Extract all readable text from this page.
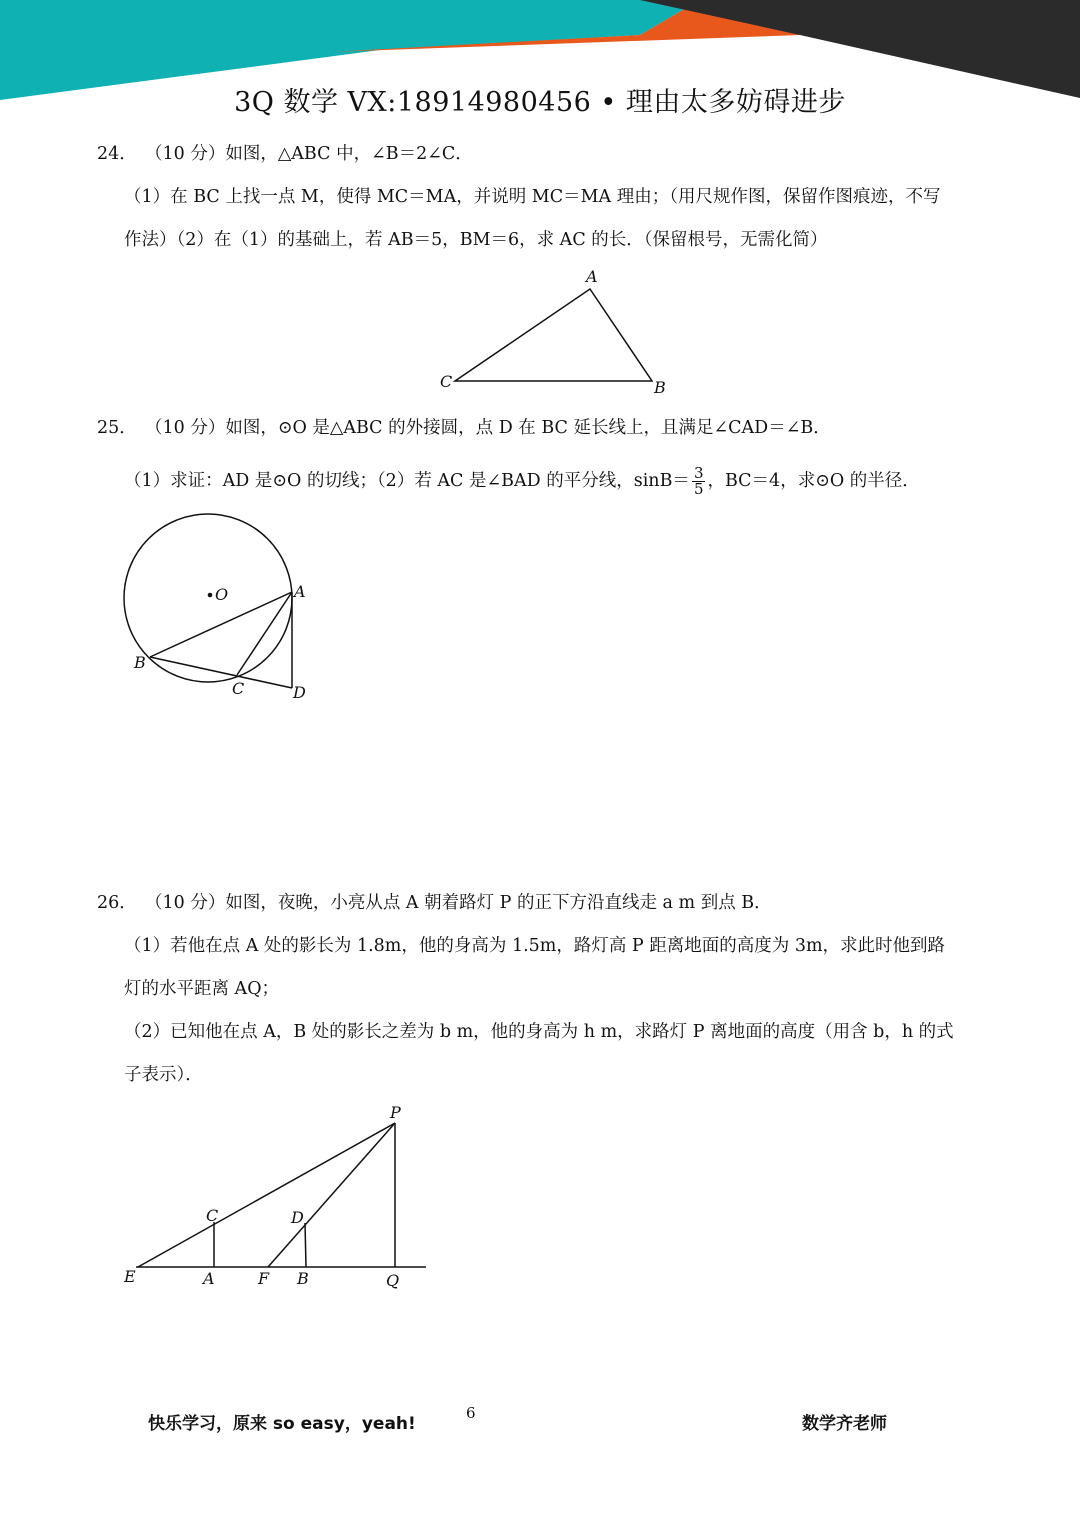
3Q 数学 VX:18914980456 • 理由太多妨碍进步
24． （10 分）如图，△ABC 中，∠B＝2∠C．
（1）在 BC 上找一点 M，使得 MC＝MA，并说明 MC＝MA 理由；（用尺规作图，保留作图痕迹，不写
作法）（2）在（1）的基础上，若 AB＝5，BM＝6，求 AC 的长．（保留根号，无需化简）
A
B
C
25． （10 分）如图，⊙O 是△ABC 的外接圆，点 D 在 BC 延长线上，且满足∠CAD＝∠B．
（1）求证：AD 是⊙O 的切线；（2）若 AC 是∠BAD 的平分线，$\sin B= \frac{3}{5}$ ，BC＝4，求⊙O 的半径．
O	A
B
C	D
26． （10 分）如图，夜晚，小亮从点 A 朝着路灯 P 的正下方沿直线走 a m 到点 B．
（1）若他在点 A 处的影长为 1.8m，他的身高为 1.5m，路灯高 P 距离地面的高度为 3m，求此时他到路
灯的水平距离 AQ；
（2）已知他在点 A，B 处的影长之差为 b m，他的身高为 h m，求路灯 P 离地面的高度（用含 b，h 的式
子表示）．
P
C	D
E	A	F B	Q
快乐学习，原来 so easy，yeah!
6
数学齐老师
